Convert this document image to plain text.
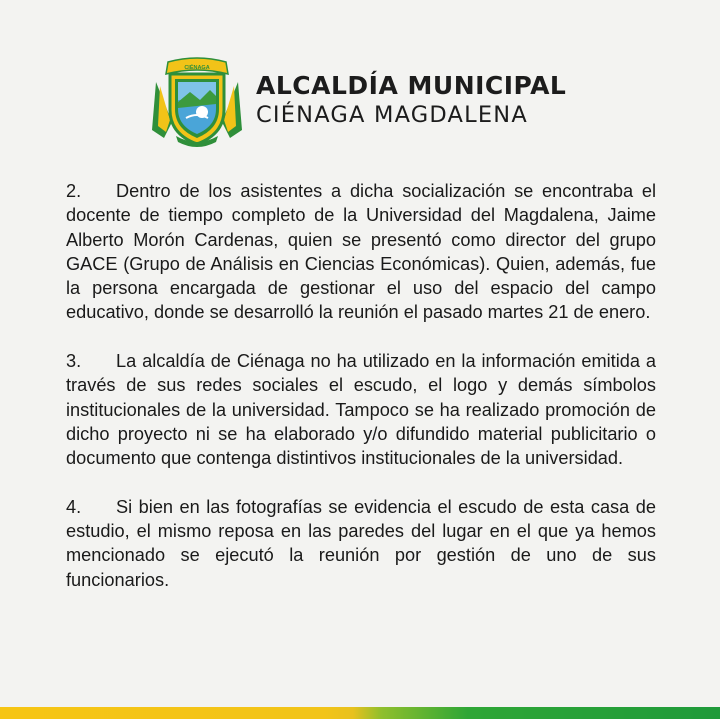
CIÉNAGA
ALCALDÍA MUNICIPAL
CIÉNAGA MAGDALENA

2. Dentro de los asistentes a dicha socialización se encontraba el docente de tiempo completo de la Universidad del Magdalena, Jaime Alberto Morón Cardenas, quien se presentó como director del grupo GACE (Grupo de Análisis en Ciencias Económicas). Quien, además, fue la persona encargada de gestionar el uso del espacio del campo educativo, donde se desarrolló la reunión el pasado martes 21 de enero.

3. La alcaldía de Ciénaga no ha utilizado en la información emitida a través de sus redes sociales el escudo, el logo y demás símbolos institucionales de la universidad. Tampoco se ha realizado promoción de dicho proyecto ni se ha elaborado y/o difundido material publicitario o documento que contenga distintivos institucionales de la universidad.

4. Si bien en las fotografías se evidencia el escudo de esta casa de estudio, el mismo reposa en las paredes del lugar en el que ya hemos mencionado se ejecutó la reunión por gestión de uno de sus funcionarios.
